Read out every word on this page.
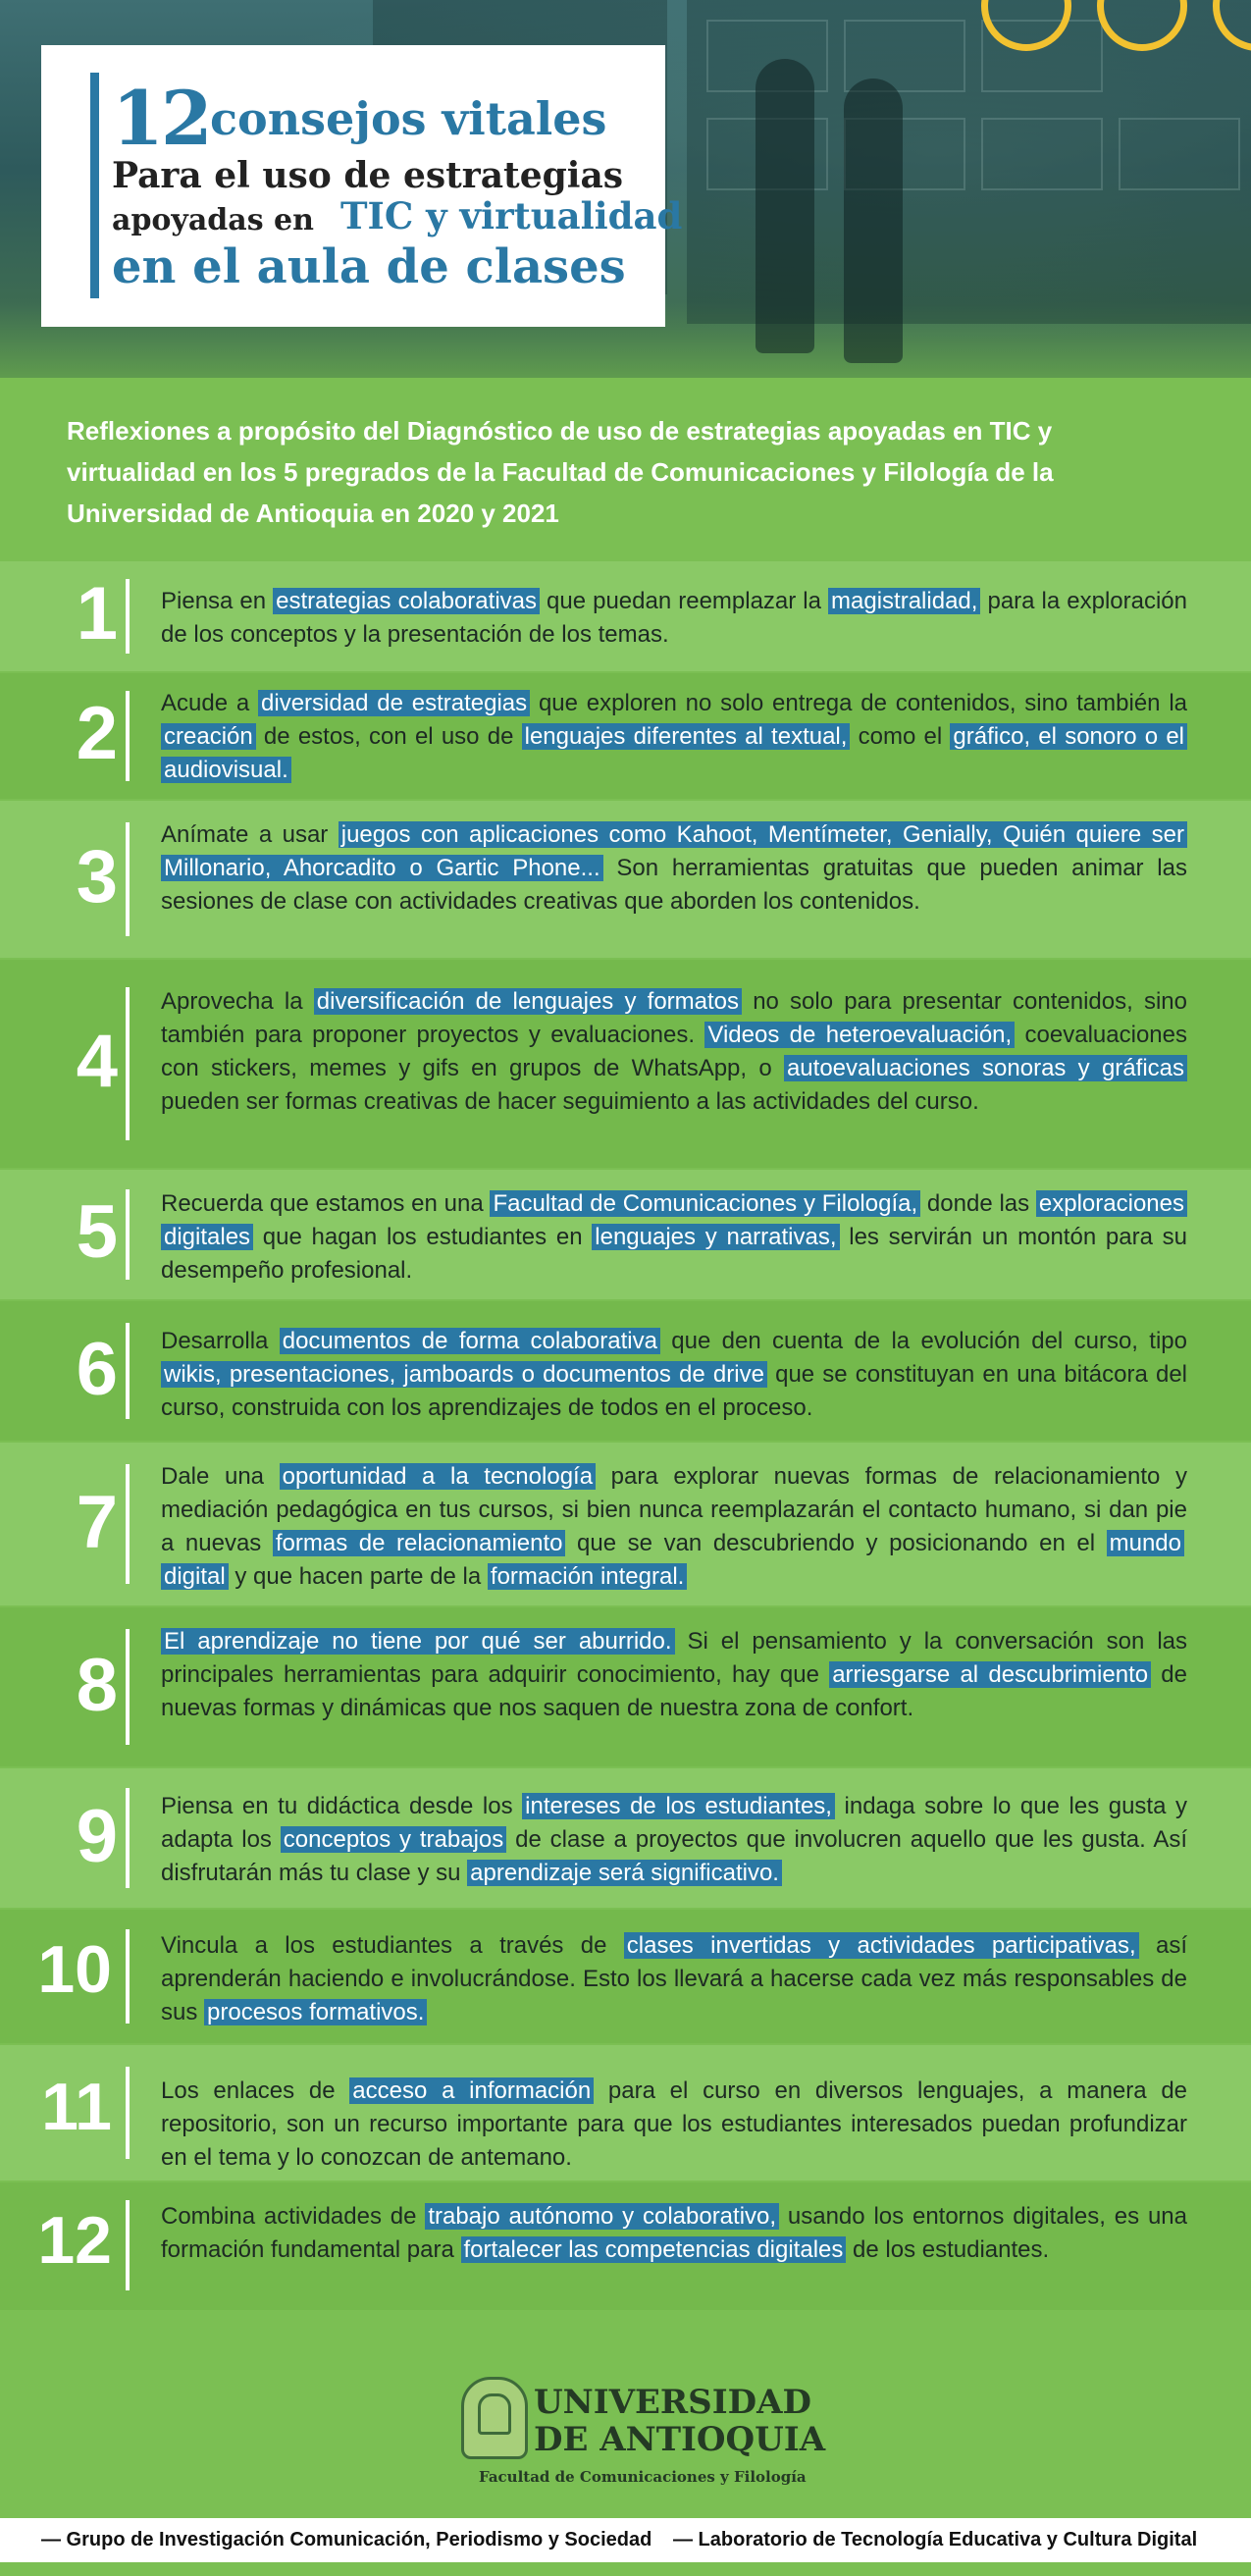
12 consejos vitales
Para el uso de estrategias
apoyadas en TIC y virtualidad
en el aula de clases
Reflexiones a propósito del Diagnóstico de uso de estrategias apoyadas en TIC y virtualidad en los 5 pregrados de la Facultad de Comunicaciones y Filología de la Universidad de Antioquia en 2020 y 2021
1 Piensa en estrategias colaborativas que puedan reemplazar la magistralidad, para la exploración de los conceptos y la presentación de los temas.
2 Acude a diversidad de estrategias que exploren no solo entrega de contenidos, sino también la creación de estos, con el uso de lenguajes diferentes al textual, como el gráfico, el sonoro o el audiovisual.
3
Anímate a usar juegos con aplicaciones como Kahoot, Mentímeter, Genially, Quién quiere ser Millonario, Ahorcadito o Gartic Phone... Son herramientas gratuitas que pueden animar las sesiones de clase con actividades creativas que aborden los contenidos.
4
Aprovecha la diversificación de lenguajes y formatos no solo para presentar contenidos, sino también para proponer proyectos y evaluaciones. Videos de heteroevaluación, coevaluaciones con stickers, memes y gifs en grupos de WhatsApp, o autoevaluaciones sonoras y gráficas pueden ser formas creativas de hacer seguimiento a las actividades del curso.
5 Recuerda que estamos en una Facultad de Comunicaciones y Filología, donde las exploraciones digitales que hagan los estudiantes en lenguajes y narrativas, les servirán un montón para su desempeño profesional.
6 Desarrolla documentos de forma colaborativa que den cuenta de la evolución del curso, tipo wikis, presentaciones, jamboards o documentos de drive que se constituyan en una bitácora del curso, construida con los aprendizajes de todos en el proceso.
7
Dale una oportunidad a la tecnología para explorar nuevas formas de relacionamiento y mediación pedagógica en tus cursos, si bien nunca reemplazarán el contacto humano, si dan pie a nuevas formas de relacionamiento que se van descubriendo y posicionando en el mundo digital y que hacen parte de la formación integral.
8
El aprendizaje no tiene por qué ser aburrido. Si el pensamiento y la conversación son las principales herramientas para adquirir conocimiento, hay que arriesgarse al descubrimiento de nuevas formas y dinámicas que nos saquen de nuestra zona de confort.
9 Piensa en tu didáctica desde los intereses de los estudiantes, indaga sobre lo que les gusta y adapta los conceptos y trabajos de clase a proyectos que involucren aquello que les gusta. Así disfrutarán más tu clase y su aprendizaje será significativo.
10 Vincula a los estudiantes a través de clases invertidas y actividades participativas, así aprenderán haciendo e involucrándose. Esto los llevará a hacerse cada vez más responsables de sus procesos formativos.
11 Los enlaces de acceso a información para el curso en diversos lenguajes, a manera de repositorio, son un recurso importante para que los estudiantes interesados puedan profundizar en el tema y lo conozcan de antemano.
12 Combina actividades de trabajo autónomo y colaborativo, usando los entornos digitales, es una formación fundamental para fortalecer las competencias digitales de los estudiantes.
UNIVERSIDAD
DE ANTIOQUIA
Facultad de Comunicaciones y Filología
— Grupo de Investigación Comunicación, Periodismo y Sociedad — Laboratorio de Tecnología Educativa y Cultura Digital
